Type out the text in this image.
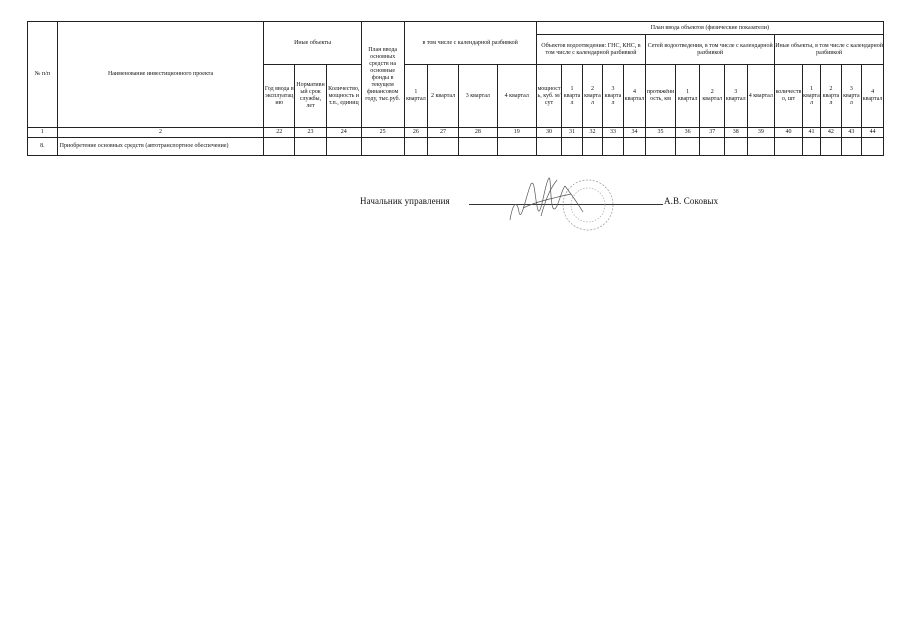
№ п/п	Наименование инвестиционного проекта	Иные объекты			План ввода основных средств на основные фонды в текущем финансовом году, тыс.руб.	в том числе с календарной разбивкой				План ввода объектов (физические показатели)														
										Объектов водоотведения: ГНС, КНС, в том числе с календарной разбивкой					Сетей водоотведения, в том числе с календарной разбивкой					Иные объекты, в том числе с календарной разбивкой				
		Год ввода в эксплуатацию	Нормативный срок службы, лет	Количество, мощность и т.п., единиц		1 квартал	2 квартал	3 квартал	4 квартал	мощность, куб. м/сут	1 квартал	2 квартал	3 квартал	4 квартал	протяжённость, км	1 квартал	2 квартал	3 квартал	4 квартал	количество, шт	1 квартал	2 квартал	3 квартал	4 квартал

1	2	22	23	24	25	26	27	28	19	30	31	32	33	34	35	36	37	38	39	40	41	42	43	44
8.	Приобретение основных средств (автотранспортное обеспечение)																							
Начальник управления	А.В. Соковых
